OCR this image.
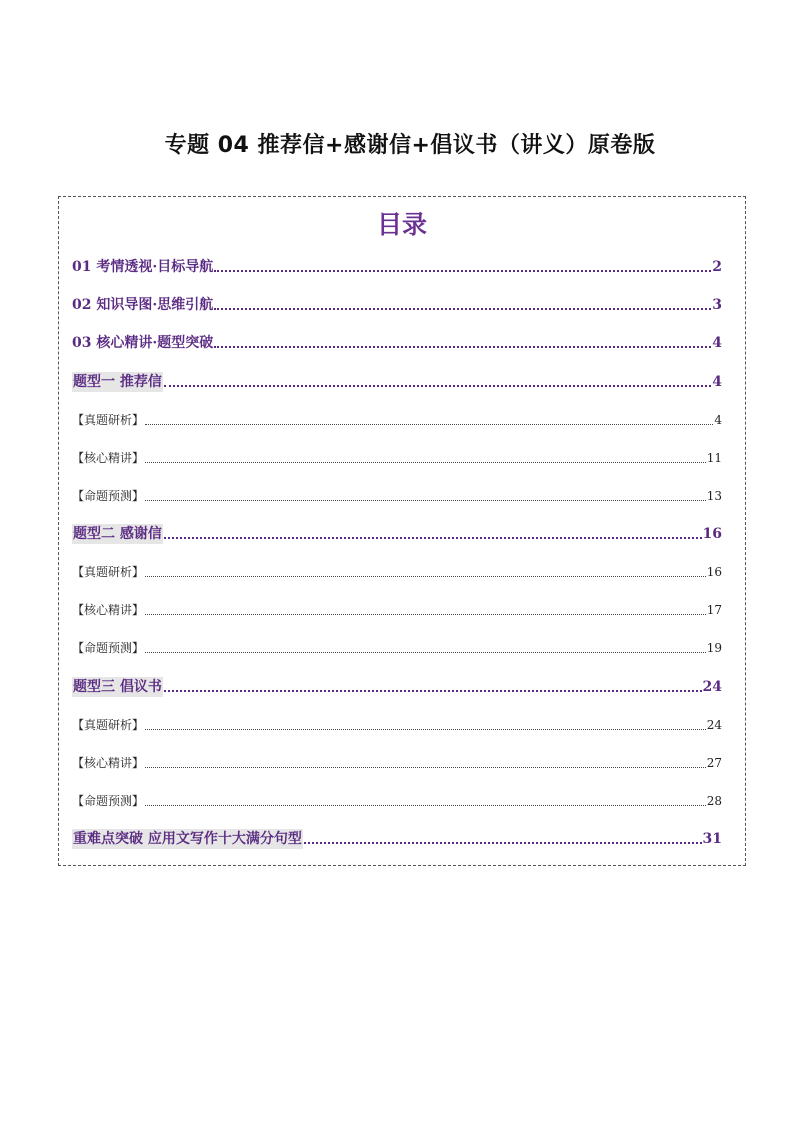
专题 04 推荐信+感谢信+倡议书（讲义）原卷版
目录
01 考情透视·目标导航	2
02 知识导图·思维引航	3
03 核心精讲·题型突破	4
题型一 推荐信	4
【真题研析】	4
【核心精讲】	11
【命题预测】	13
题型二 感谢信	16
【真题研析】	16
【核心精讲】	17
【命题预测】	19
题型三 倡议书	24
【真题研析】	24
【核心精讲】	27
【命题预测】	28
重难点突破 应用文写作十大满分句型	31
